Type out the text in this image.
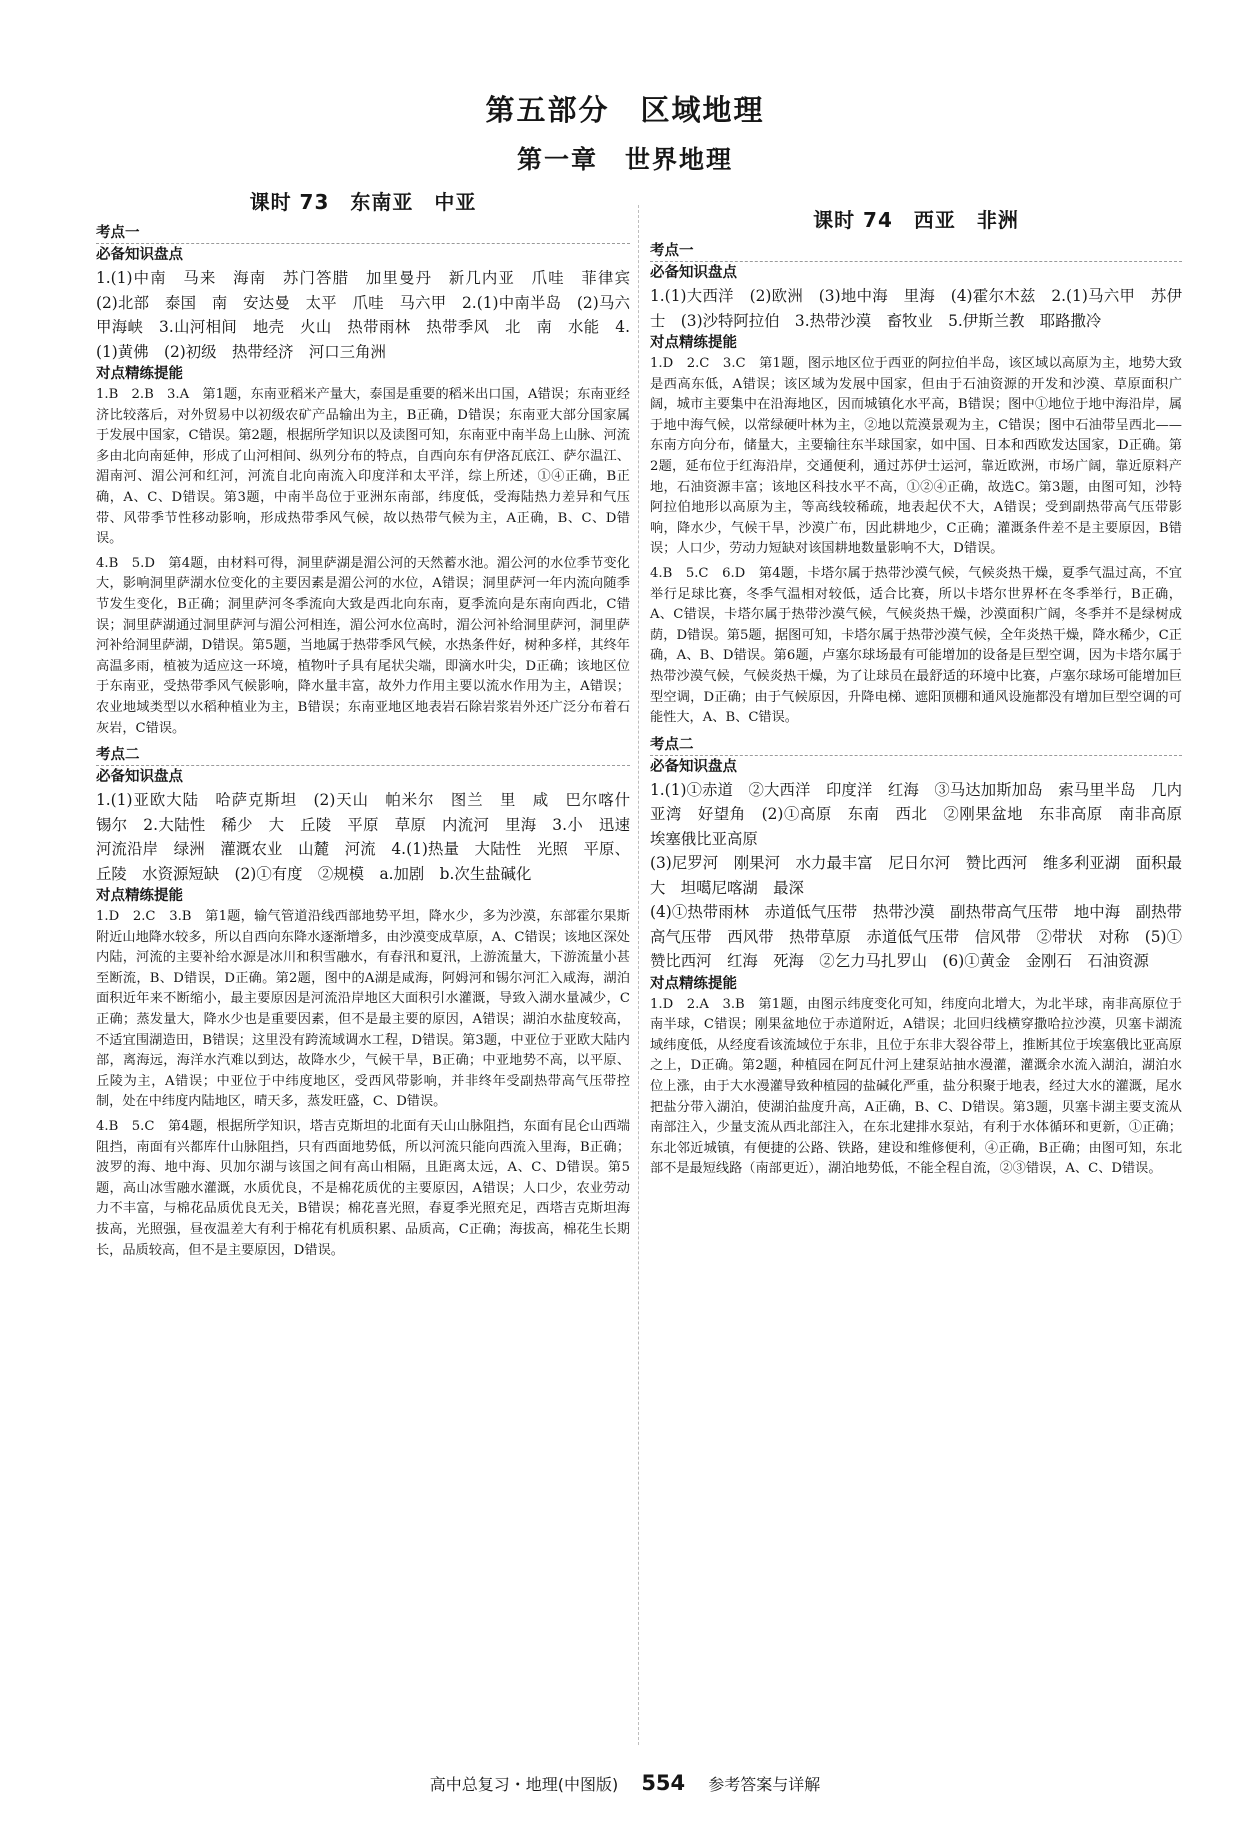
第五部分　区域地理
第一章　世界地理
课时 73　东南亚　中亚
考点一
必备知识盘点

1.(1)中南　马来　海南　苏门答腊　加里曼丹　新几内亚　爪哇　菲律宾　(2)北部　泰国　南　安达曼　太平　爪哇　马六甲　2.(1)中南半岛　(2)马六甲海峡　3.山河相间　地壳　火山　热带雨林　热带季风　北　南　水能　4.(1)黄佛　(2)初级　热带经济　河口三角洲

对点精练提能

1.B　2.B　3.A　第1题，东南亚稻米产量大，泰国是重要的稻米出口国，A错误；东南亚经济比较落后，对外贸易中以初级农矿产品输出为主，B正确，D错误；东南亚大部分国家属于发展中国家，C错误。第2题，根据所学知识以及读图可知，东南亚中南半岛上山脉、河流多由北向南延伸，形成了山河相间、纵列分布的特点，自西向东有伊洛瓦底江、萨尔温江、湄南河、湄公河和红河，河流自北向南流入印度洋和太平洋，综上所述，①④正确，B正确，A、C、D错误。第3题，中南半岛位于亚洲东南部，纬度低，受海陆热力差异和气压带、风带季节性移动影响，形成热带季风气候，故以热带气候为主，A正确，B、C、D错误。

4.B　5.D　第4题，由材料可得，洞里萨湖是湄公河的天然蓄水池。湄公河的水位季节变化大，影响洞里萨湖水位变化的主要因素是湄公河的水位，A错误；洞里萨河一年内流向随季节发生变化，B正确；洞里萨河冬季流向大致是西北向东南，夏季流向是东南向西北，C错误；洞里萨湖通过洞里萨河与湄公河相连，湄公河水位高时，湄公河补给洞里萨河，洞里萨河补给洞里萨湖，D错误。第5题，当地属于热带季风气候，水热条件好，树种多样，其终年高温多雨，植被为适应这一环境，植物叶子具有尾状尖端，即滴水叶尖，D正确；该地区位于东南亚，受热带季风气候影响，降水量丰富，故外力作用主要以流水作用为主，A错误；农业地域类型以水稻种植业为主，B错误；东南亚地区地表岩石除岩浆岩外还广泛分布着石灰岩，C错误。

考点二
必备知识盘点

1.(1)亚欧大陆　哈萨克斯坦　(2)天山　帕米尔　图兰　里　咸　巴尔喀什　锡尔　2.大陆性　稀少　大　丘陵　平原　草原　内流河　里海　3.小　迅速　河流沿岸　绿洲　灌溉农业　山麓　河流　4.(1)热量　大陆性　光照　平原、丘陵　水资源短缺　(2)①有度　②规模　a.加剧　b.次生盐碱化

对点精练提能

1.D　2.C　3.B　第1题，输气管道沿线西部地势平坦，降水少，多为沙漠，东部霍尔果斯附近山地降水较多，所以自西向东降水逐渐增多，由沙漠变成草原，A、C错误；该地区深处内陆，河流的主要补给水源是冰川和积雪融水，有春汛和夏汛，上游流量大，下游流量小甚至断流，B、D错误，D正确。第2题，图中的A湖是咸海，阿姆河和锡尔河汇入咸海，湖泊面积近年来不断缩小，最主要原因是河流沿岸地区大面积引水灌溉，导致入湖水量减少，C正确；蒸发量大，降水少也是重要因素，但不是最主要的原因，A错误；湖泊水盐度较高，不适宜围湖造田，B错误；这里没有跨流域调水工程，D错误。第3题，中亚位于亚欧大陆内部，离海远，海洋水汽难以到达，故降水少，气候干旱，B正确；中亚地势不高，以平原、丘陵为主，A错误；中亚位于中纬度地区，受西风带影响，并非终年受副热带高气压带控制，处在中纬度内陆地区，晴天多，蒸发旺盛，C、D错误。

4.B　5.C　第4题，根据所学知识，塔吉克斯坦的北面有天山山脉阻挡，东面有昆仑山西端阻挡，南面有兴都库什山脉阻挡，只有西面地势低，所以河流只能向西流入里海，B正确；波罗的海、地中海、贝加尔湖与该国之间有高山相隔，且距离太远，A、C、D错误。第5题，高山冰雪融水灌溉，水质优良，不是棉花质优的主要原因，A错误；人口少，农业劳动力不丰富，与棉花品质优良无关，B错误；棉花喜光照，春夏季光照充足，西塔吉克斯坦海拔高，光照强，昼夜温差大有利于棉花有机质积累、品质高，C正确；海拔高，棉花生长期长，品质较高，但不是主要原因，D错误。

课时 74　西亚　非洲
考点一
必备知识盘点

1.(1)大西洋　(2)欧洲　(3)地中海　里海　(4)霍尔木兹　2.(1)马六甲　苏伊士　(3)沙特阿拉伯　3.热带沙漠　畜牧业　5.伊斯兰教　耶路撒冷

对点精练提能

1.D　2.C　3.C　第1题，图示地区位于西亚的阿拉伯半岛，该区域以高原为主，地势大致是西高东低，A错误；该区域为发展中国家，但由于石油资源的开发和沙漠、草原面积广阔，城市主要集中在沿海地区，因而城镇化水平高，B错误；图中①地位于地中海沿岸，属于地中海气候，以常绿硬叶林为主，②地以荒漠景观为主，C错误；图中石油带呈西北——东南方向分布，储量大，主要输往东半球国家，如中国、日本和西欧发达国家，D正确。第2题，延布位于红海沿岸，交通便利，通过苏伊士运河，靠近欧洲，市场广阔，靠近原料产地，石油资源丰富；该地区科技水平不高，①②④正确，故选C。第3题，由图可知，沙特阿拉伯地形以高原为主，等高线较稀疏，地表起伏不大，A错误；受到副热带高气压带影响，降水少，气候干旱，沙漠广布，因此耕地少，C正确；灌溉条件差不是主要原因，B错误；人口少，劳动力短缺对该国耕地数量影响不大，D错误。

4.B　5.C　6.D　第4题，卡塔尔属于热带沙漠气候，气候炎热干燥，夏季气温过高，不宜举行足球比赛，冬季气温相对较低，适合比赛，所以卡塔尔世界杯在冬季举行，B正确，A、C错误，卡塔尔属于热带沙漠气候，气候炎热干燥，沙漠面积广阔，冬季并不是绿树成荫，D错误。第5题，据图可知，卡塔尔属于热带沙漠气候，全年炎热干燥，降水稀少，C正确，A、B、D错误。第6题，卢塞尔球场最有可能增加的设备是巨型空调，因为卡塔尔属于热带沙漠气候，气候炎热干燥，为了让球员在最舒适的环境中比赛，卢塞尔球场可能增加巨型空调，D正确；由于气候原因，升降电梯、遮阳顶棚和通风设施都没有增加巨型空调的可能性大，A、B、C错误。

考点二
必备知识盘点

1.(1)①赤道　②大西洋　印度洋　红海　③马达加斯加岛　索马里半岛　几内亚湾　好望角　(2)①高原　东南　西北　②刚果盆地　东非高原　南非高原　埃塞俄比亚高原

(3)尼罗河　刚果河　水力最丰富　尼日尔河　赞比西河　维多利亚湖　面积最大　坦噶尼喀湖　最深

(4)①热带雨林　赤道低气压带　热带沙漠　副热带高气压带　地中海　副热带高气压带　西风带　热带草原　赤道低气压带　信风带　②带状　对称　(5)①赞比西河　红海　死海　②乞力马扎罗山　(6)①黄金　金刚石　石油资源

对点精练提能

1.D　2.A　3.B　第1题，由图示纬度变化可知，纬度向北增大，为北半球，南非高原位于南半球，C错误；刚果盆地位于赤道附近，A错误；北回归线横穿撒哈拉沙漠，贝塞卡湖流域纬度低，从经度看该流域位于东非，且位于东非大裂谷带上，推断其位于埃塞俄比亚高原之上，D正确。第2题，种植园在阿瓦什河上建泵站抽水漫灌，灌溉余水流入湖泊，湖泊水位上涨，由于大水漫灌导致种植园的盐碱化严重，盐分积聚于地表，经过大水的灌溉，尾水把盐分带入湖泊，使湖泊盐度升高，A正确，B、C、D错误。第3题，贝塞卡湖主要支流从南部注入，少量支流从西北部注入，在东北建排水泵站，有利于水体循环和更新，①正确；东北邻近城镇，有便捷的公路、铁路，建设和维修便利，④正确，B正确；由图可知，东北部不是最短线路（南部更近），湖泊地势低，不能全程自流，②③错误，A、C、D错误。

高中总复习・地理(中图版) 554 参考答案与详解
